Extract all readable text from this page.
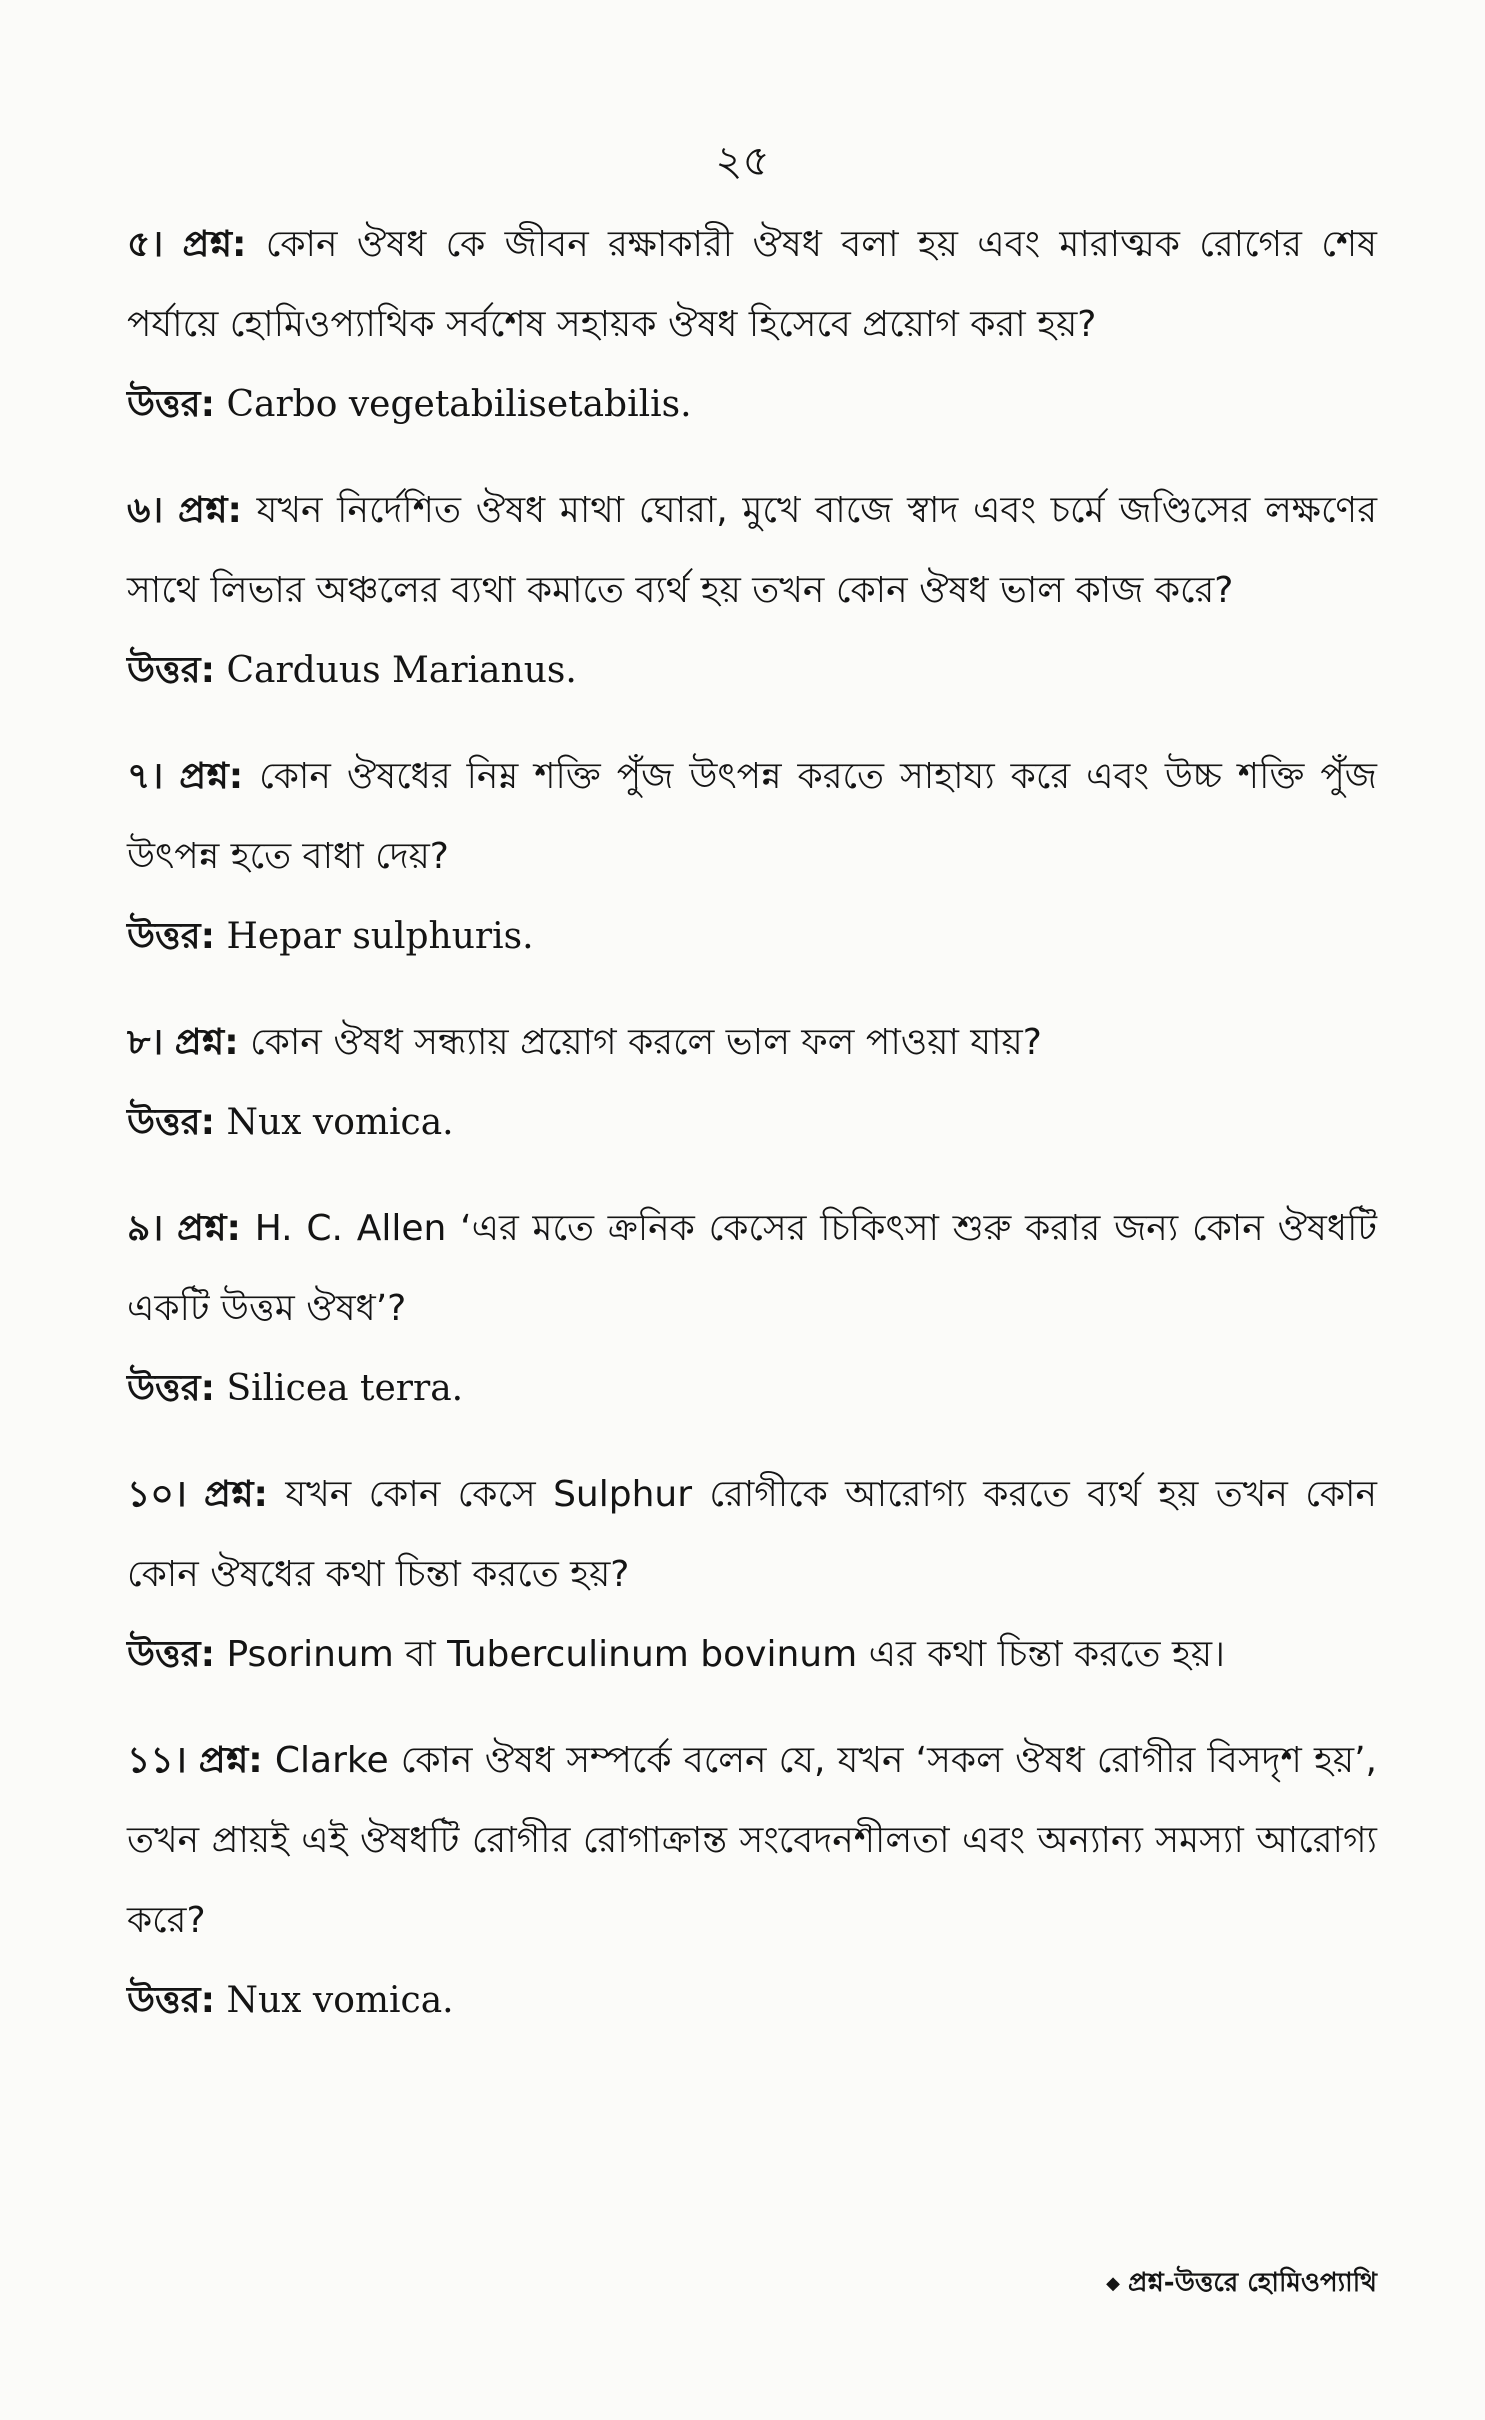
২৫

৫। প্রশ্ন: কোন ঔষধ কে জীবন রক্ষাকারী ঔষধ বলা হয় এবং মারাত্মক রোগের শেষ পর্যায়ে হোমিওপ্যাথিক সর্বশেষ সহায়ক ঔষধ হিসেবে প্রয়োগ করা হয়?

উত্তর: Carbo vegetabilisetabilis.

৬। প্রশ্ন: যখন নির্দেশিত ঔষধ মাথা ঘোরা, মুখে বাজে স্বাদ এবং চর্মে জণ্ডিসের লক্ষণের সাথে লিভার অঞ্চলের ব্যথা কমাতে ব্যর্থ হয় তখন কোন ঔষধ ভাল কাজ করে?

উত্তর: Carduus Marianus.

৭। প্রশ্ন: কোন ঔষধের নিম্ন শক্তি পুঁজ উৎপন্ন করতে সাহায্য করে এবং উচ্চ শক্তি পুঁজ উৎপন্ন হতে বাধা দেয়?

উত্তর: Hepar sulphuris.

৮। প্রশ্ন: কোন ঔষধ সন্ধ্যায় প্রয়োগ করলে ভাল ফল পাওয়া যায়?

উত্তর: Nux vomica.

৯। প্রশ্ন: H. C. Allen ‘এর মতে ক্রনিক কেসের চিকিৎসা শুরু করার জন্য কোন ঔষধটি একটি উত্তম ঔষধ’?

উত্তর: Silicea terra.

১০। প্রশ্ন: যখন কোন কেসে Sulphur রোগীকে আরোগ্য করতে ব্যর্থ হয় তখন কোন কোন ঔষধের কথা চিন্তা করতে হয়?

উত্তর: Psorinum বা Tuberculinum bovinum এর কথা চিন্তা করতে হয়।

১১। প্রশ্ন: Clarke কোন ঔষধ সম্পর্কে বলেন যে, যখন ‘সকল ঔষধ রোগীর বিসদৃশ হয়’, তখন প্রায়ই এই ঔষধটি রোগীর রোগাক্রান্ত সংবেদনশীলতা এবং অন্যান্য সমস্যা আরোগ্য করে?

উত্তর: Nux vomica.

◆ প্রশ্ন-উত্তরে হোমিওপ্যাথি
